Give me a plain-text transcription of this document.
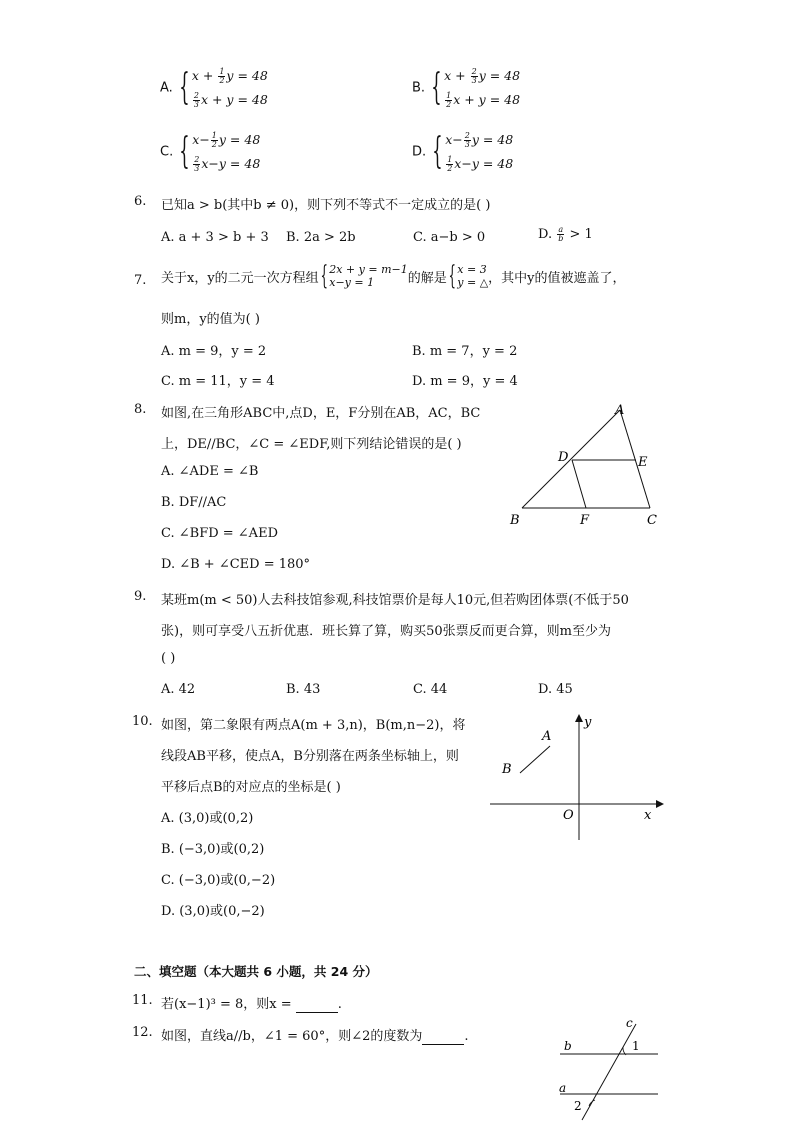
A. { $x + \frac{1}{2}$ y = 48
$\frac{2}{3}$ x + y = 48
B. { $x + \frac{2}{3}$ y = 48
$\frac{1}{2}$ x + y = 48
C. { $x- \frac{1}{2}$ y = 48
$\frac{2}{3} x-y = 48$
D. { $x- \frac{2}{3}$ y = 48
$\frac{1}{2} x-y = 48$
6. 已知a > b(其中b ≠ 0)，则下列不等式不一定成立的是( )
A. a + 3 > b + 3 B. 2a > 2b	C. a−b > 0	D. $\frac{a}{b} > 1$
7. 关于x，y的二元一次方程组 { 2x + y = m−1
x−y = 1	的解是 { x = 3
y = △ ，其中y的值被遮盖了，
则m，y的值为( )
A. m = 9，y = 2	B. m = 7，y = 2
C. m = 11，y = 4	D. m = 9，y = 4
8. 如图,在三角形ABC中,点D，E，F分别在AB，AC，BC
上，DE//BC，∠C = ∠EDF,则下列结论错误的是( )
A. ∠ADE = ∠B
B. DF//AC
C. ∠BFD = ∠AED
D. ∠B + ∠CED = 180°
A
B	C
D	E
F
9. 某班m(m < 50)人去科技馆参观,科技馆票价是每人10元,但若购团体票(不低于50
张)，则可享受八五折优惠．班长算了算，购买50张票反而更合算，则m至少为
( )
A. 42	B. 43	C. 44	D. 45
10. 如图，第二象限有两点A(m + 3,n)，B(m,n−2)，将
线段AB平移，使点A，B分别落在两条坐标轴上，则
平移后点B的对应点的坐标是( )
A. (3,0)或(0,2)
B. (−3,0)或(0,2)
C. (−3,0)或(0,−2)
D. (3,0)或(0,−2)
A
B
O	x
y
二、填空题（本大题共 6 小题，共 24 分）
11. 若(x−1)³ = 8，则x =	.
12. 如图，直线a//b，∠1 = 60°，则∠2的度数为	.
c
b
a
1
2
